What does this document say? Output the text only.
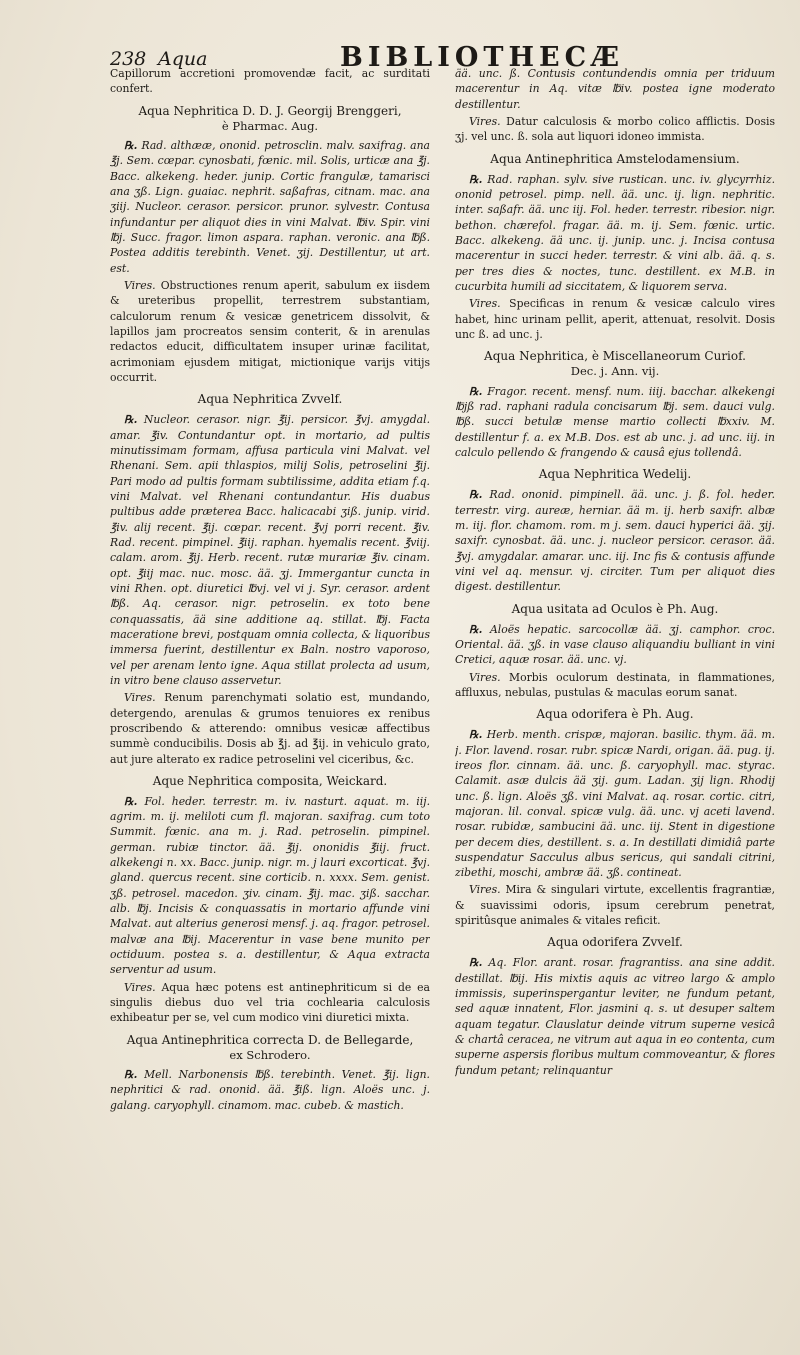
238 Aqua	BIBLIOTHECÆ

Capillorum accretioni promovendæ facit, ac surditati confert.

Aqua Nephritica D. D. J. Georgij Brenggeri,
è Pharmac. Aug.

℞. Rad. althææ, ononid. petrosclin. malv. saxifrag. ana ℥j. Sem. cœpar. cynosbati, fœnic. mil. Solis, urticæ ana ℥j. Bacc. alkekeng. heder. junip. Cortic frangulæ, tamarisci ana ʒß. Lign. guaiac. nephrit. saßafras, citnam. mac. ana ʒiij. Nucleor. cerasor. persicor. prunor. sylvestr. Contusa infundantur per aliquot dies in vini Malvat. ℔iv. Spir. vini ℔j. Succ. fragor. limon aspara. raphan. veronic. ana ℔ß. Postea additis terebinth. Venet. ʒij. Destillentur, ut art. est.

Vires. Obstructiones renum aperit, sabulum ex iisdem & ureteribus propellit, terrestrem substantiam, calculorum renum & vesicæ genetricem dissolvit, & lapillos jam procreatos sensim conterit, & in arenulas redactos educit, difficultatem insuper urinæ facilitat, acrimoniam ejusdem mitigat, mictionique varijs vitijs occurrit.

Aqua Nephritica Zvvelf.

℞. Nucleor. cerasor. nigr. ℥ij. persicor. ℥vj. amygdal. amar. ℥iv. Contundantur opt. in mortario, ad pultis minutissimam formam, affusa particula vini Malvat. vel Rhenani. Sem. apii thlaspios, milij Solis, petroselini ℥ij. Pari modo ad pultis formam subtilissime, addita etiam f.q. vini Malvat. vel Rhenani contundantur. His duabus pultibus adde præterea Bacc. halicacabi ʒiß. junip. virid. ℥iv. alij recent. ℥ij. cœpar. recent. ℥vj porri recent. ℥iv. Rad. recent. pimpinel. ℥iij. raphan. hyemalis recent. ℥viij. calam. arom. ℥ij. Herb. recent. rutæ murariæ ℥iv. cinam. opt. ℥iij mac. nuc. mosc. ää. ʒj. Immergantur cuncta in vini Rhen. opt. diuretici ℔vj. vel vi j. Syr. cerasor. ardent ℔ß. Aq. cerasor. nigr. petroselin. ex toto bene conquassatis, ää sine additione aq. stillat. ℔j. Facta maceratione brevi, postquam omnia collecta, & liquoribus immersa fuerint, destillentur ex Baln. nostro vaporoso, vel per arenam lento igne. Aqua stillat prolecta ad usum, in vitro bene clauso asservetur.

Vires. Renum parenchymati solatio est, mundando, detergendo, arenulas & grumos tenuiores ex renibus proscribendo & atterendo: omnibus vesicæ affectibus summè conducibilis. Dosis ab ℥j. ad ℥ij. in vehiculo grato, aut jure alterato ex radice petroselini vel ciceribus, &c.

Aque Nephritica composita, Weickard.

℞. Fol. heder. terrestr. m. iv. nasturt. aquat. m. iij. agrim. m. ij. meliloti cum fl. majoran. saxifrag. cum toto Summit. fœnic. ana m. j. Rad. petroselin. pimpinel. german. rubiæ tinctor. ää. ℥ij. ononidis ℥iij. fruct. alkekengi n. xx. Bacc. junip. nigr. m. j lauri excorticat. ℥vj. gland. quercus recent. sine corticib. n. xxxx. Sem. genist. ʒß. petrosel. macedon. ʒiv. cinam. ℥ij. mac. ʒiß. sacchar. alb. ℔j. Incisis & conquassatis in mortario affunde vini Malvat. aut alterius generosi mensf. j. aq. fragor. petrosel. malvæ ana ℔ij. Macerentur in vase bene munito per octiduum. postea s. a. destillentur, & Aqua extracta serventur ad usum.

Vires. Aqua hæc potens est antinephriticum si de ea singulis diebus duo vel tria cochlearia calculosis exhibeatur per se, vel cum modico vini diuretici mixta.

Aqua Antinephritica correcta D. de Bellegarde,
ex Schrodero.

℞. Mell. Narbonensis ℔ß. terebinth. Venet. ℥ij. lign. nephritici & rad. ononid. ää. ℥iß. lign. Aloës unc. j. galang. caryophyll. cinamom. mac. cubeb. & mastich.

ää. unc. ß. Contusis contundendis omnia per triduum macerentur in Aq. vitæ ℔iv. postea igne moderato destillentur.

Vires. Datur calculosis & morbo colico afflictis. Dosis ʒj. vel unc. ß. sola aut liquori idoneo immista.

Aqua Antinephritica Amstelodamensium.

℞. Rad. raphan. sylv. sive rustican. unc. iv. glycyrrhiz. ononid petrosel. pimp. nell. ää. unc. ij. lign. nephritic. inter. saßafr. ää. unc iij. Fol. heder. terrestr. ribesior. nigr. bethon. chærefol. fragar. ää. m. ij. Sem. fœnic. urtic. Bacc. alkekeng. ää unc. ij. junip. unc. j. Incisa contusa macerentur in succi heder. terrestr. & vini alb. ää. q. s. per tres dies & noctes, tunc. destillent. ex M.B. in cucurbita humili ad siccitatem, & liquorem serva.

Vires. Specificas in renum & vesicæ calculo vires habet, hinc urinam pellit, aperit, attenuat, resolvit. Dosis unc ß. ad unc. j.

Aqua Nephritica, è Miscellaneorum Curiof.
Dec. j. Ann. vij.

℞. Fragor. recent. mensf. num. iiij. bacchar. alkekengi ℔jß rad. raphani radula concisarum ℔j. sem. dauci vulg. ℔ß. succi betulæ mense martio collecti ℔xxiv. M. destillentur f. a. ex M.B. Dos. est ab unc. j. ad unc. iij. in calculo pellendo & frangendo & causâ ejus tollendâ.

Aqua Nephritica Wedelij.

℞. Rad. ononid. pimpinell. ää. unc. j. ß. fol. heder. terrestr. virg. aureæ, herniar. ää m. ij. herb saxifr. albæ m. iij. flor. chamom. rom. m j. sem. dauci hyperici ää. ʒij. saxifr. cynosbat. ää. unc. j. nucleor persicor. cerasor. ää. ℥vj. amygdalar. amarar. unc. iij. Inc fis & contusis affunde vini vel aq. mensur. vj. circiter. Tum per aliquot dies digest. destillentur.

Aqua usitata ad Oculos è Ph. Aug.

℞. Aloës hepatic. sarcocollæ ää. ʒj. camphor. croc. Oriental. ää. ʒß. in vase clauso aliquandiu bulliant in vini Cretici, aquæ rosar. ää. unc. vj.

Vires. Morbis oculorum destinata, in flammationes, affluxus, nebulas, pustulas & maculas eorum sanat.

Aqua odorifera è Ph. Aug.

℞. Herb. menth. crispæ, majoran. basilic. thym. ää. m. j. Flor. lavend. rosar. rubr. spicæ Nardi, origan. ää. pug. ij. ireos flor. cinnam. ää. unc. ß. caryophyll. mac. styrac. Calamit. asæ dulcis ää ʒij. gum. Ladan. ʒij lign. Rhodij unc. ß. lign. Aloës ʒß. vini Malvat. aq. rosar. cortic. citri, majoran. lil. conval. spicæ vulg. ää. unc. vj aceti lavend. rosar. rubidæ, sambucini ää. unc. iij. Stent in digestione per decem dies, destillent. s. a. In destillati dimidiâ parte suspendatur Sacculus albus sericus, qui sandali citrini, zibethi, moschi, ambræ ää. ʒß. contineat.

Vires. Mira & singulari virtute, excellentis fragrantiæ, & suavissimi odoris, ipsum cerebrum penetrat, spiritûsque animales & vitales reficit.

Aqua odorifera Zvvelf.

℞. Aq. Flor. arant. rosar. fragrantiss. ana sine addit. destillat. ℔ij. His mixtis aquis ac vitreo largo & amplo immissis, superinspergantur leviter, ne fundum petant, sed aquæ innatent, Flor. jasmini q. s. ut desuper saltem aquam tegatur. Clauslatur deinde vitrum superne vesicâ & chartâ ceracea, ne vitrum aut aqua in eo contenta, cum superne aspersis floribus multum commoveantur, & flores fundum petant; relinquantur
